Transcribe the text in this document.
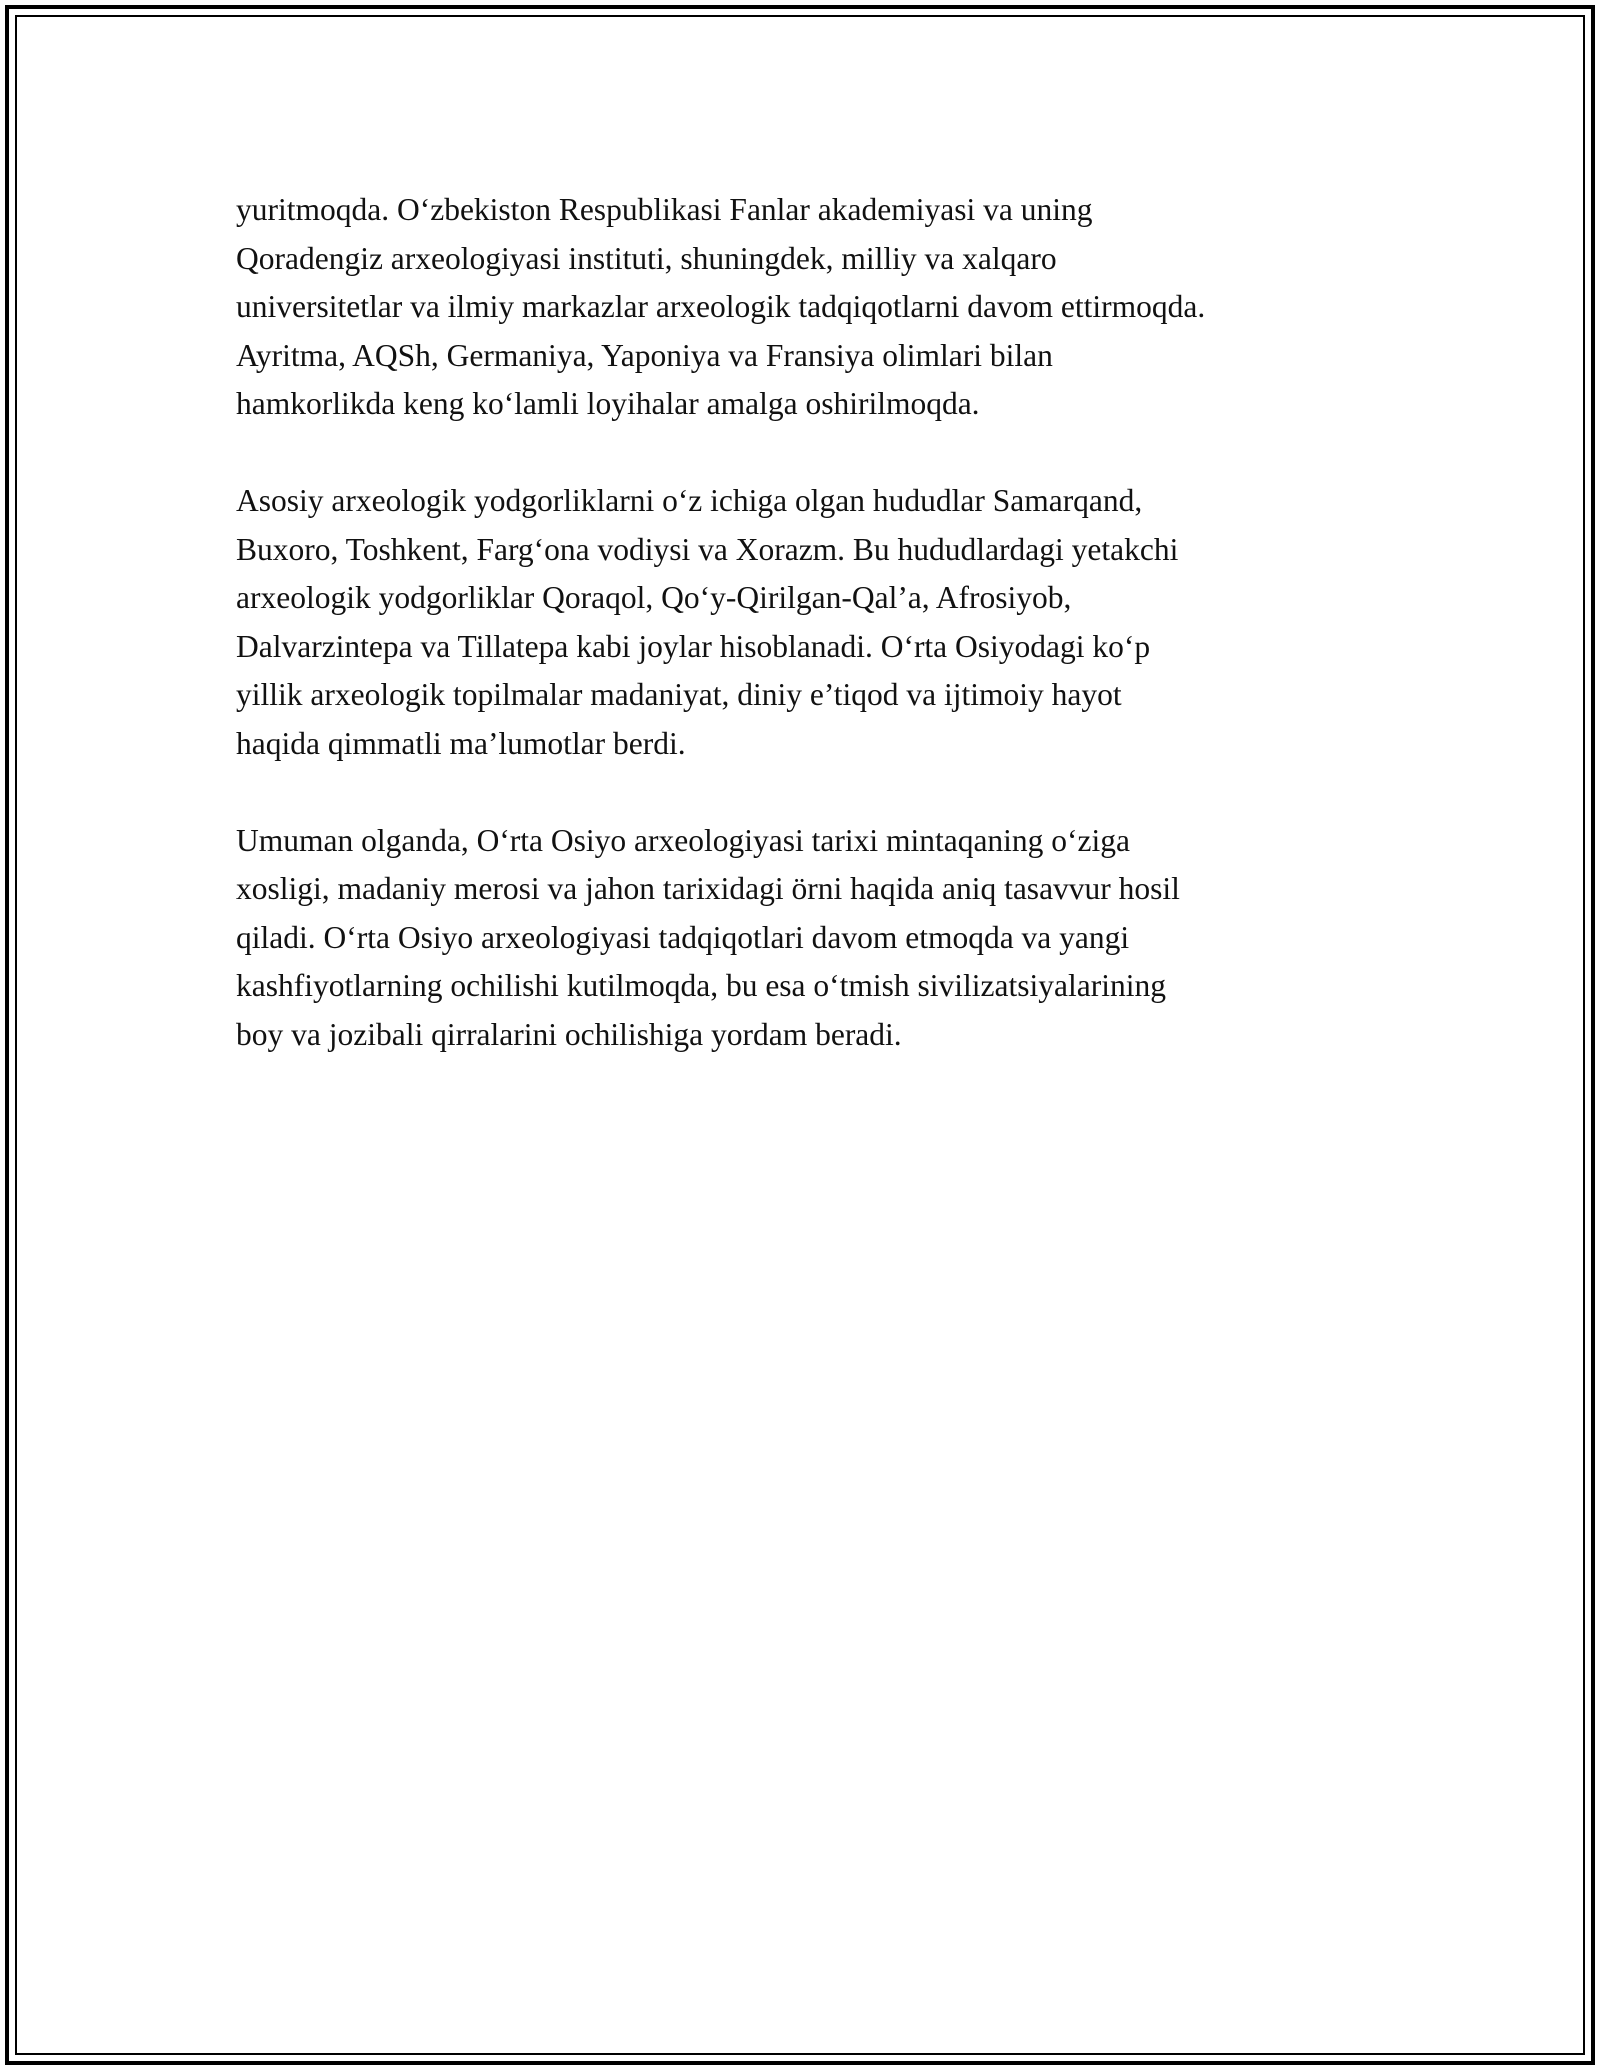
yuritmoqda. O‘zbekiston Respublikasi Fanlar akademiyasi va uning
Qoradengiz arxeologiyasi instituti, shuningdek, milliy va xalqaro
universitetlar va ilmiy markazlar arxeologik tadqiqotlarni davom ettirmoqda.
Ayritma, AQSh, Germaniya, Yaponiya va Fransiya olimlari bilan
hamkorlikda keng ko‘lamli loyihalar amalga oshirilmoqda.

Asosiy arxeologik yodgorliklarni o‘z ichiga olgan hududlar Samarqand,
Buxoro, Toshkent, Farg‘ona vodiysi va Xorazm. Bu hududlardagi yetakchi
arxeologik yodgorliklar Qoraqol, Qo‘y-Qirilgan-Qal’a, Afrosiyob,
Dalvarzintepa va Tillatepa kabi joylar hisoblanadi. O‘rta Osiyodagi ko‘p
yillik arxeologik topilmalar madaniyat, diniy e’tiqod va ijtimoiy hayot
haqida qimmatli ma’lumotlar berdi.

Umuman olganda, O‘rta Osiyo arxeologiyasi tarixi mintaqaning o‘ziga
xosligi, madaniy merosi va jahon tarixidagi örni haqida aniq tasavvur hosil
qiladi. O‘rta Osiyo arxeologiyasi tadqiqotlari davom etmoqda va yangi
kashfiyotlarning ochilishi kutilmoqda, bu esa o‘tmish sivilizatsiyalarining
boy va jozibali qirralarini ochilishiga yordam beradi.
